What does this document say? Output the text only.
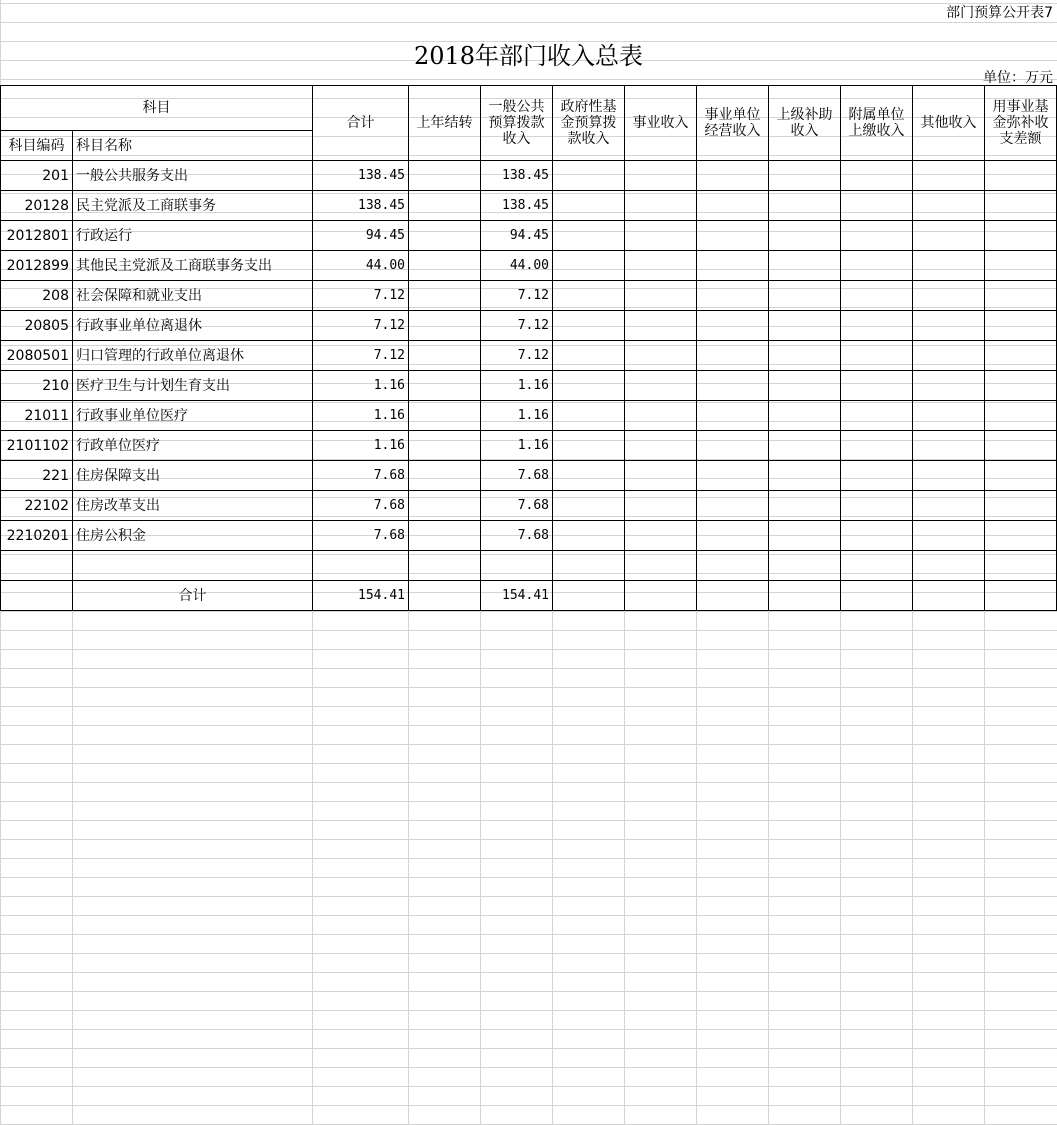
部门预算公开表7
2018年部门收入总表
单位：万元
科目		合计	上年结转	一般公共预算拨款收入	政府性基金预算拨款收入	事业收入	事业单位经营收入	上级补助收入	附属单位上缴收入	其他收入	用事业基金弥补收支差额
科目编码	科目名称										
201	一般公共服务支出	138.45		138.45							
20128	民主党派及工商联事务	138.45		138.45							
2012801	行政运行	94.45		94.45							
2012899	其他民主党派及工商联事务支出	44.00		44.00							
208	社会保障和就业支出	7.12		7.12							
20805	行政事业单位离退休	7.12		7.12							
2080501	归口管理的行政单位离退休	7.12		7.12							
210	医疗卫生与计划生育支出	1.16		1.16							
21011	行政事业单位医疗	1.16		1.16							
2101102	行政单位医疗	1.16		1.16							
221	住房保障支出	7.68		7.68							
22102	住房改革支出	7.68		7.68							
2210201	住房公积金	7.68		7.68							

	合计	154.41		154.41							
